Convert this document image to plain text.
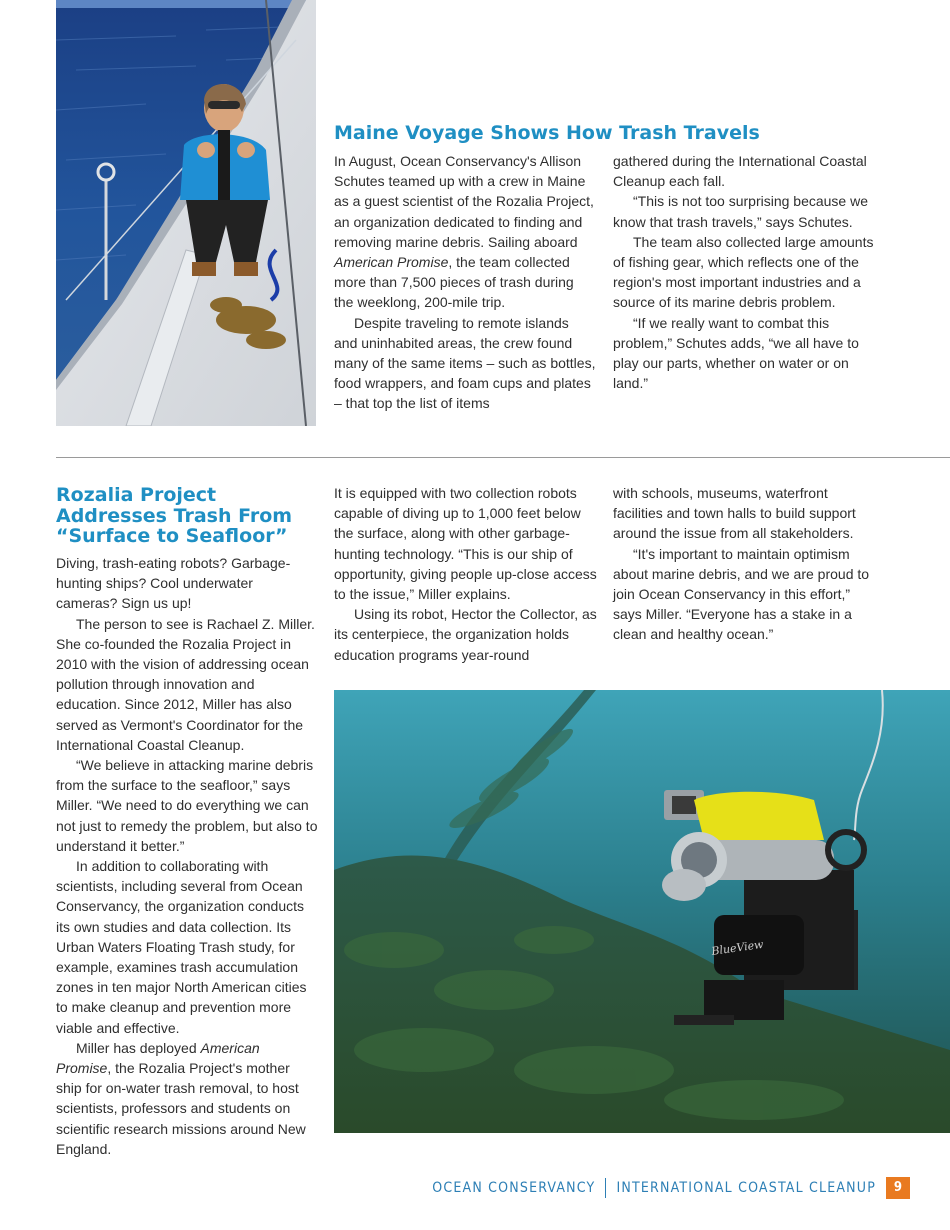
Maine Voyage Shows How Trash Travels

In August, Ocean Conservancy's Allison Schutes teamed up with a crew in Maine as a guest scientist of the Rozalia Project, an organization dedicated to finding and removing marine debris. Sailing aboard American Promise, the team collected more than 7,500 pieces of trash during the weeklong, 200-mile trip.

Despite traveling to remote islands and uninhabited areas, the crew found many of the same items – such as bottles, food wrappers, and foam cups and plates – that top the list of items

gathered during the International Coastal Cleanup each fall.

“This is not too surprising because we know that trash travels,” says Schutes.

The team also collected large amounts of fishing gear, which reflects one of the region's most important industries and a source of its marine debris problem.

“If we really want to combat this problem,” Schutes adds, “we all have to play our parts, whether on water or on land.”

Rozalia Project
Addresses Trash From
“Surface to Seafloor”

Diving, trash-eating robots? Garbage-hunting ships? Cool underwater cameras? Sign us up!

The person to see is Rachael Z. Miller. She co-founded the Rozalia Project in 2010 with the vision of addressing ocean pollution through innovation and education. Since 2012, Miller has also served as Vermont's Coordinator for the International Coastal Cleanup.

“We believe in attacking marine debris from the surface to the seafloor,” says Miller. “We need to do everything we can not just to remedy the problem, but also to understand it better.”

In addition to collaborating with scientists, including several from Ocean Conservancy, the organization conducts its own studies and data collection. Its Urban Waters Floating Trash study, for example, examines trash accumulation zones in ten major North American cities to make cleanup and prevention more viable and effective.

Miller has deployed American Promise, the Rozalia Project's mother ship for on-water trash removal, to host scientists, professors and students on scientific research missions around New England.

It is equipped with two collection robots capable of diving up to 1,000 feet below the surface, along with other garbage-hunting technology. “This is our ship of opportunity, giving people up-close access to the issue,” Miller explains.

Using its robot, Hector the Collector, as its centerpiece, the organization holds education programs year-round

with schools, museums, waterfront facilities and town halls to build support around the issue from all stakeholders.

“It's important to maintain optimism about marine debris, and we are proud to join Ocean Conservancy in this effort,” says Miller. “Everyone has a stake in a clean and healthy ocean.”

BlueView
OCEAN CONSERVANCY INTERNATIONAL COASTAL CLEANUP	9
